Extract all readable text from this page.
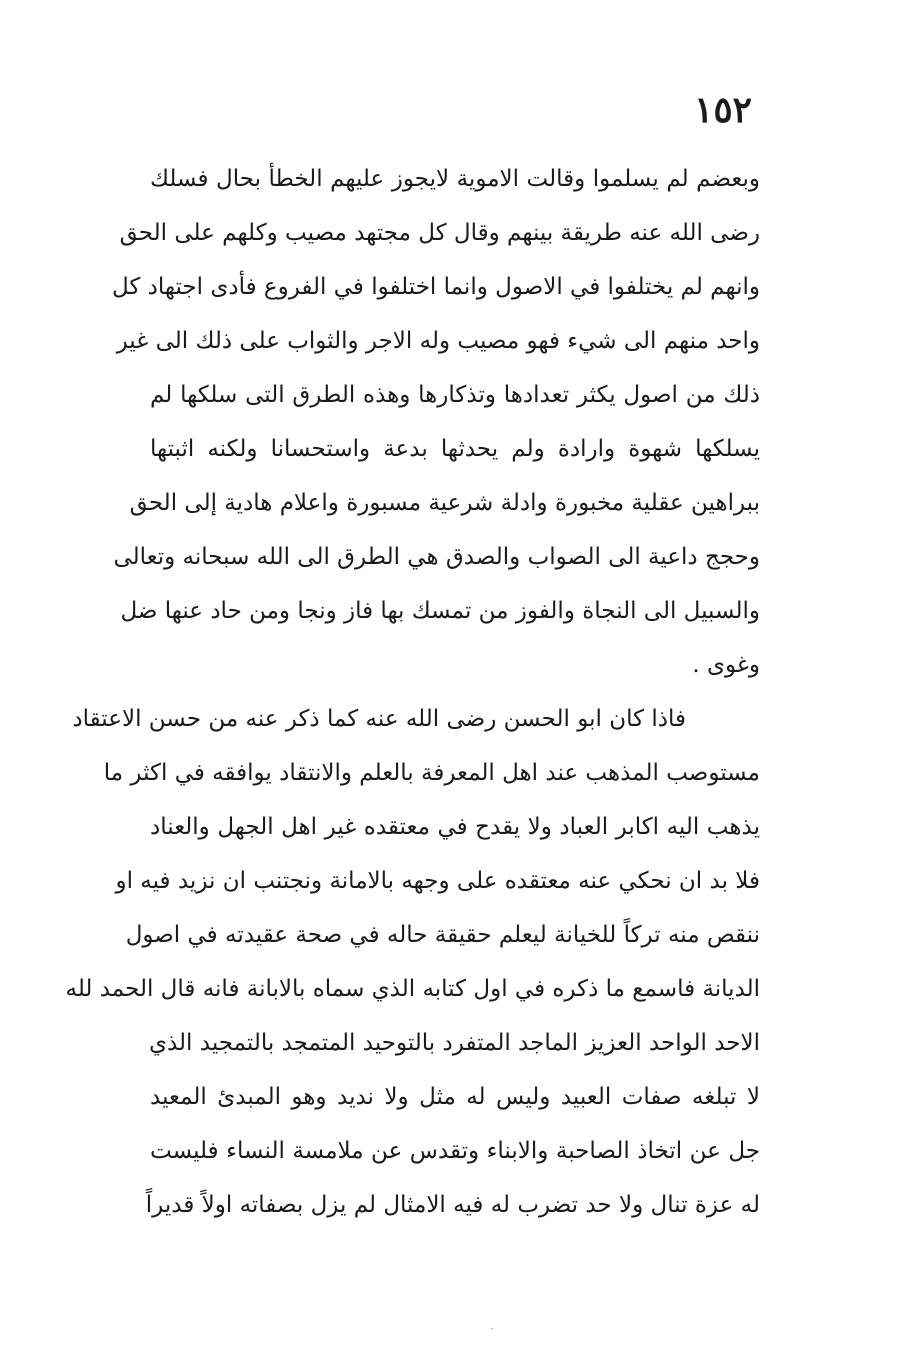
١٥٢
وبعضم لم يسلموا وقالت الاموية لايجوز عليهم الخطأ بحال فسلك
رضى الله عنه طريقة بينهم وقال كل مجتهد مصيب وكلهم على الحق
وانهم لم يختلفوا في الاصول وانما اختلفوا في الفروع فأدى اجتهاد كل
واحد منهم الى شيء فهو مصيب وله الاجر والثواب على ذلك الى غير
ذلك من اصول يكثر تعدادها وتذكارها وهذه الطرق التى سلكها لم
يسلكها شهوة وارادة ولم يحدثها بدعة واستحسانا ولكنه اثبتها
ببراهين عقلية مخبورة وادلة شرعية مسبورة واعلام هادية إلى الحق
وحجج داعية الى الصواب والصدق هي الطرق الى الله سبحانه وتعالى
والسبيل الى النجاة والفوز من تمسك بها فاز ونجا ومن حاد عنها ضل
وغوى .
فاذا كان ابو الحسن رضى الله عنه كما ذكر عنه من حسن الاعتقاد
مستوصب المذهب عند اهل المعرفة بالعلم والانتقاد يوافقه في اكثر ما
يذهب اليه اكابر العباد ولا يقدح في معتقده غير اهل الجهل والعناد
فلا بد ان نحكي عنه معتقده على وجهه بالامانة ونجتنب ان نزيد فيه او
ننقص منه تركاً للخيانة ليعلم حقيقة حاله في صحة عقيدته في اصول
الديانة فاسمع ما ذكره في اول كتابه الذي سماه بالابانة فانه قال الحمد لله
الاحد الواحد العزيز الماجد المتفرد بالتوحيد المتمجد بالتمجيد الذي
لا تبلغه صفات العبيد وليس له مثل ولا نديد وهو المبدئ المعيد
جل عن اتخاذ الصاحبة والابناء وتقدس عن ملامسة النساء فليست
له عزة تنال ولا حد تضرب له فيه الامثال لم يزل بصفاته اولاً قديراً
·
